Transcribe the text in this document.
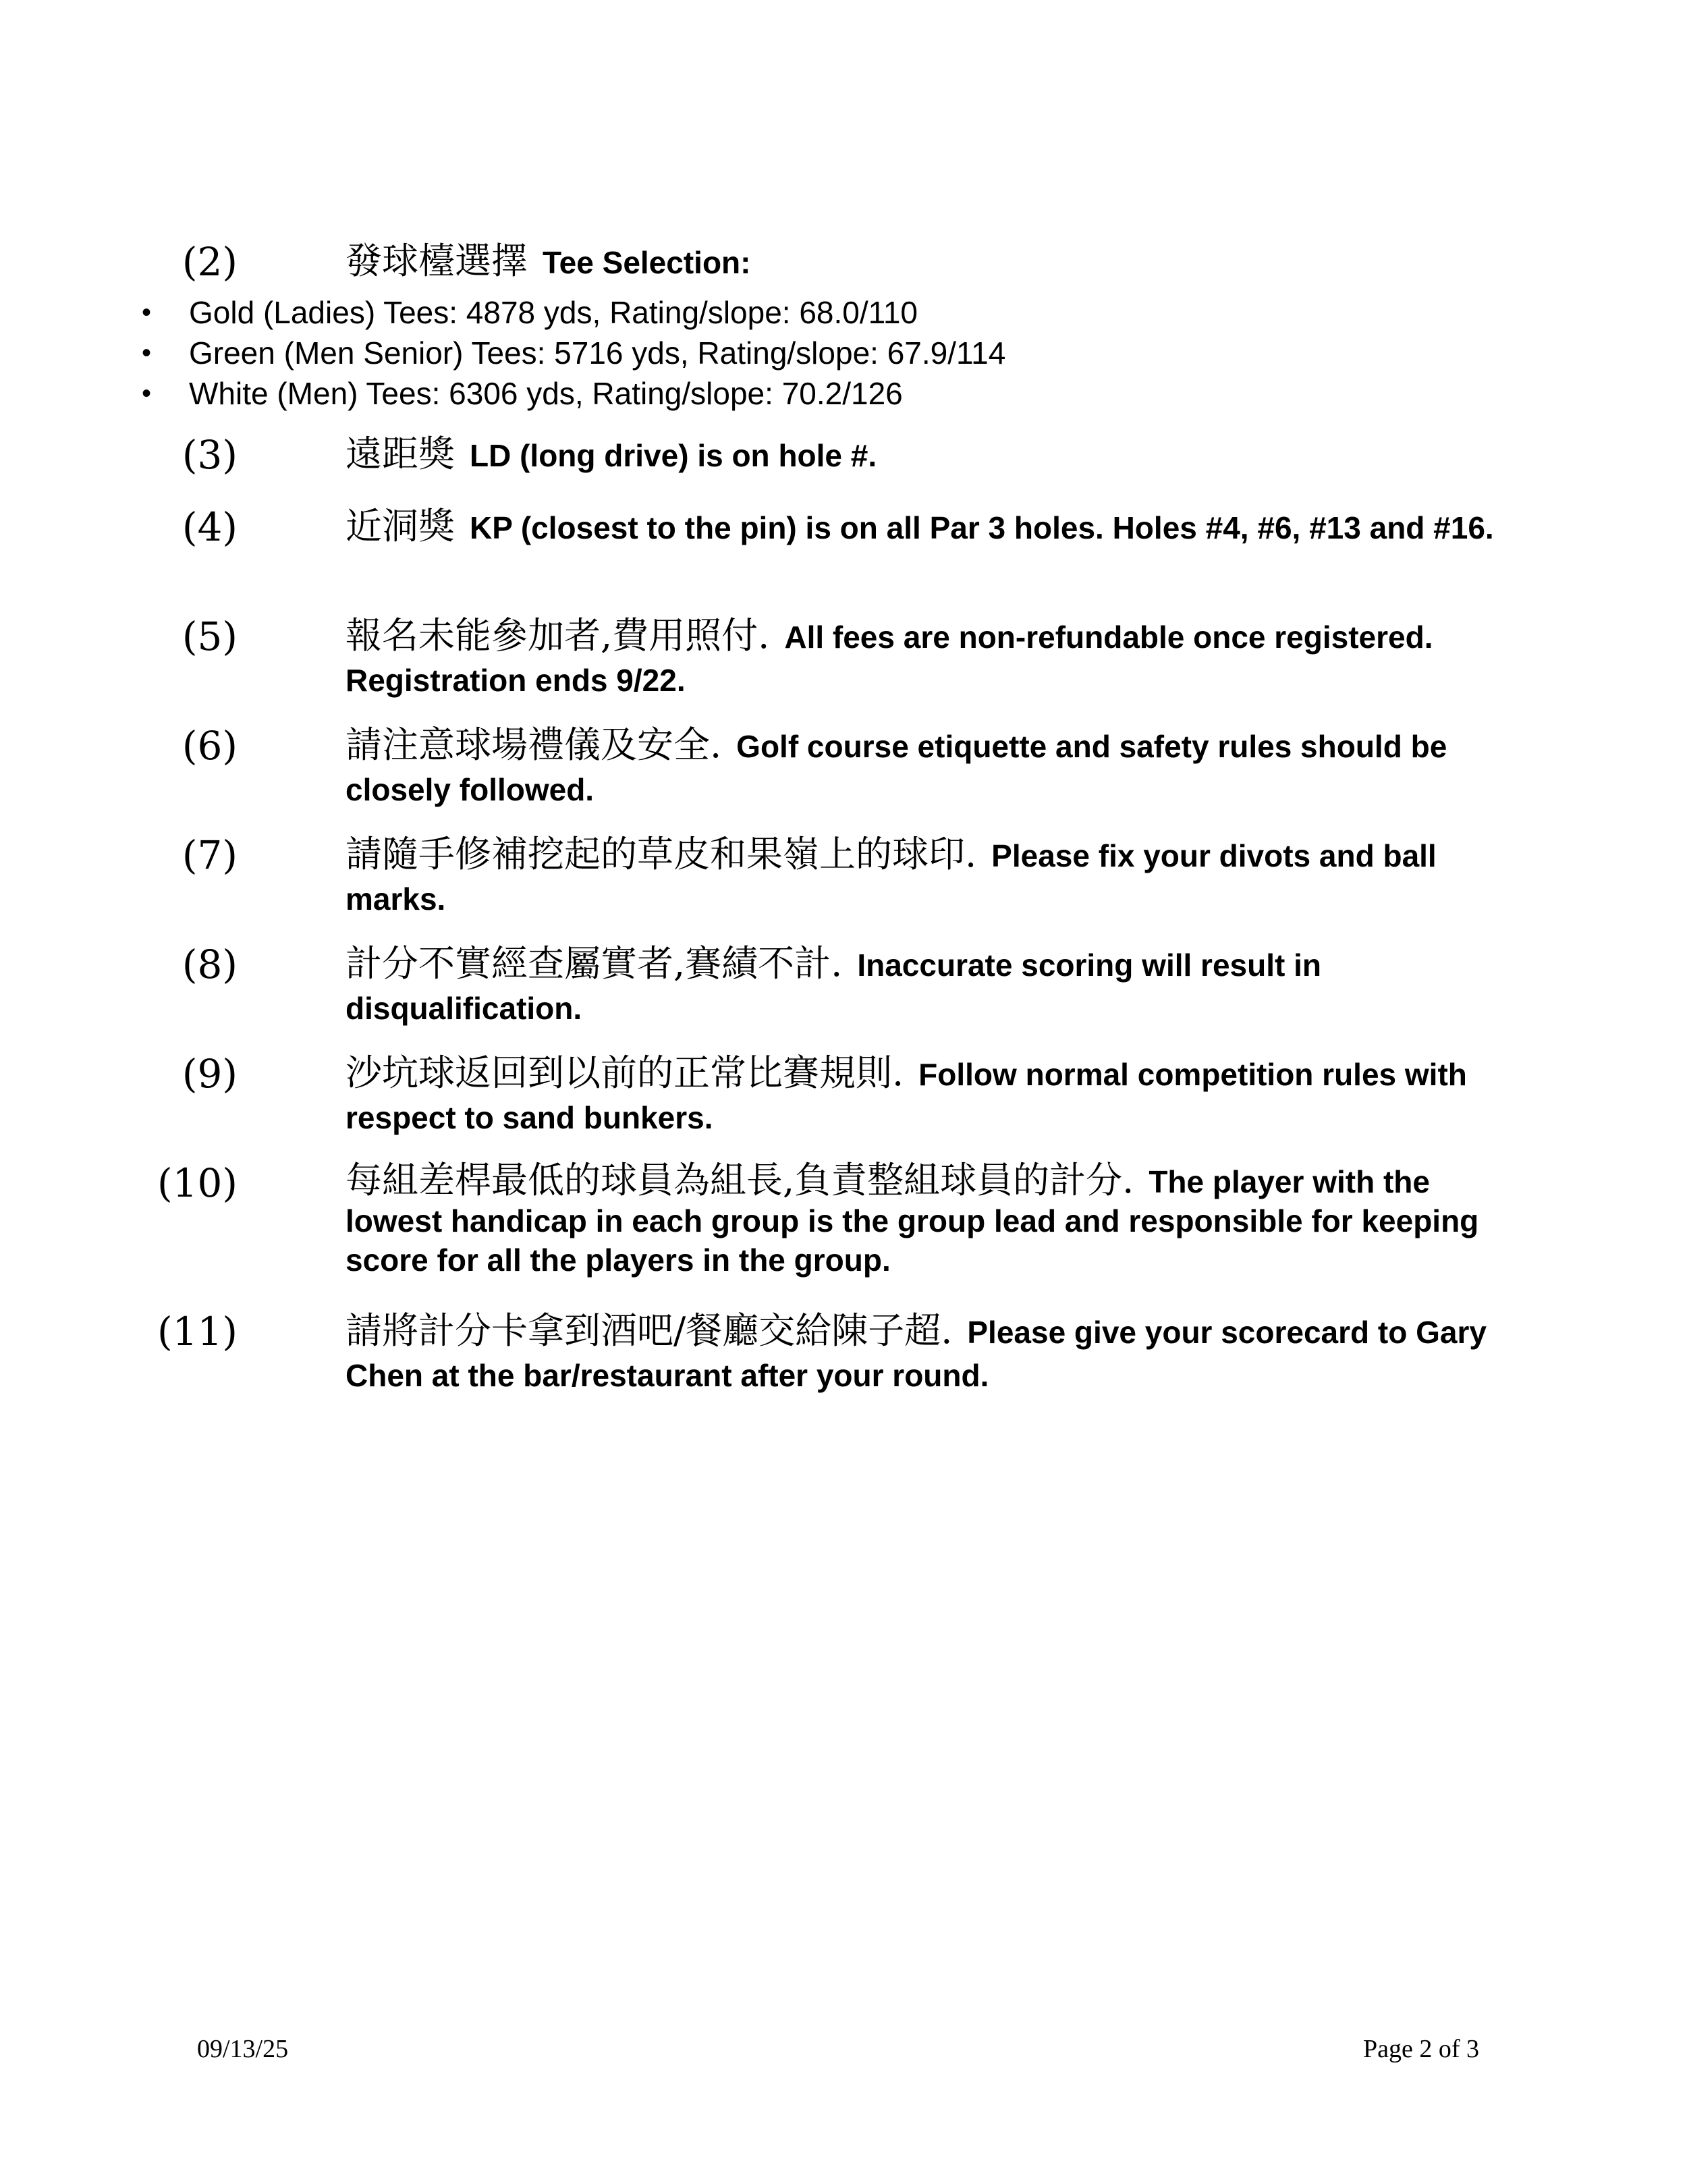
(2)	發球檯選擇 Tee Selection:
• Gold (Ladies) Tees: 4878 yds, Rating/slope: 68.0/110
• Green (Men Senior) Tees: 5716 yds, Rating/slope: 67.9/114
• White (Men) Tees: 6306 yds, Rating/slope: 70.2/126
(3)	遠距獎 LD (long drive) is on hole #.
(4)	近洞獎 KP (closest to the pin) is on all Par 3 holes. Holes #4, #6, #13 and #16.
(5)	報名未能參加者,費用照付. All fees are non-refundable once registered. Registration ends 9/22.
(6)	請注意球場禮儀及安全. Golf course etiquette and safety rules should be closely followed.
(7)	請隨手修補挖起的草皮和果嶺上的球印. Please fix your divots and ball marks.
(8)	計分不實經查屬實者,賽績不計. Inaccurate scoring will result in disqualification.
(9)	沙坑球返回到以前的正常比賽規則. Follow normal competition rules with respect to sand bunkers.
(10)	每組差桿最低的球員為組長,負責整組球員的計分. The player with the lowest handicap in each group is the group lead and responsible for keeping score for all the players in the group.
(11)	請將計分卡拿到酒吧/餐廳交給陳子超. Please give your scorecard to Gary Chen at the bar/restaurant after your round.
09/13/25	Page 2 of 3
